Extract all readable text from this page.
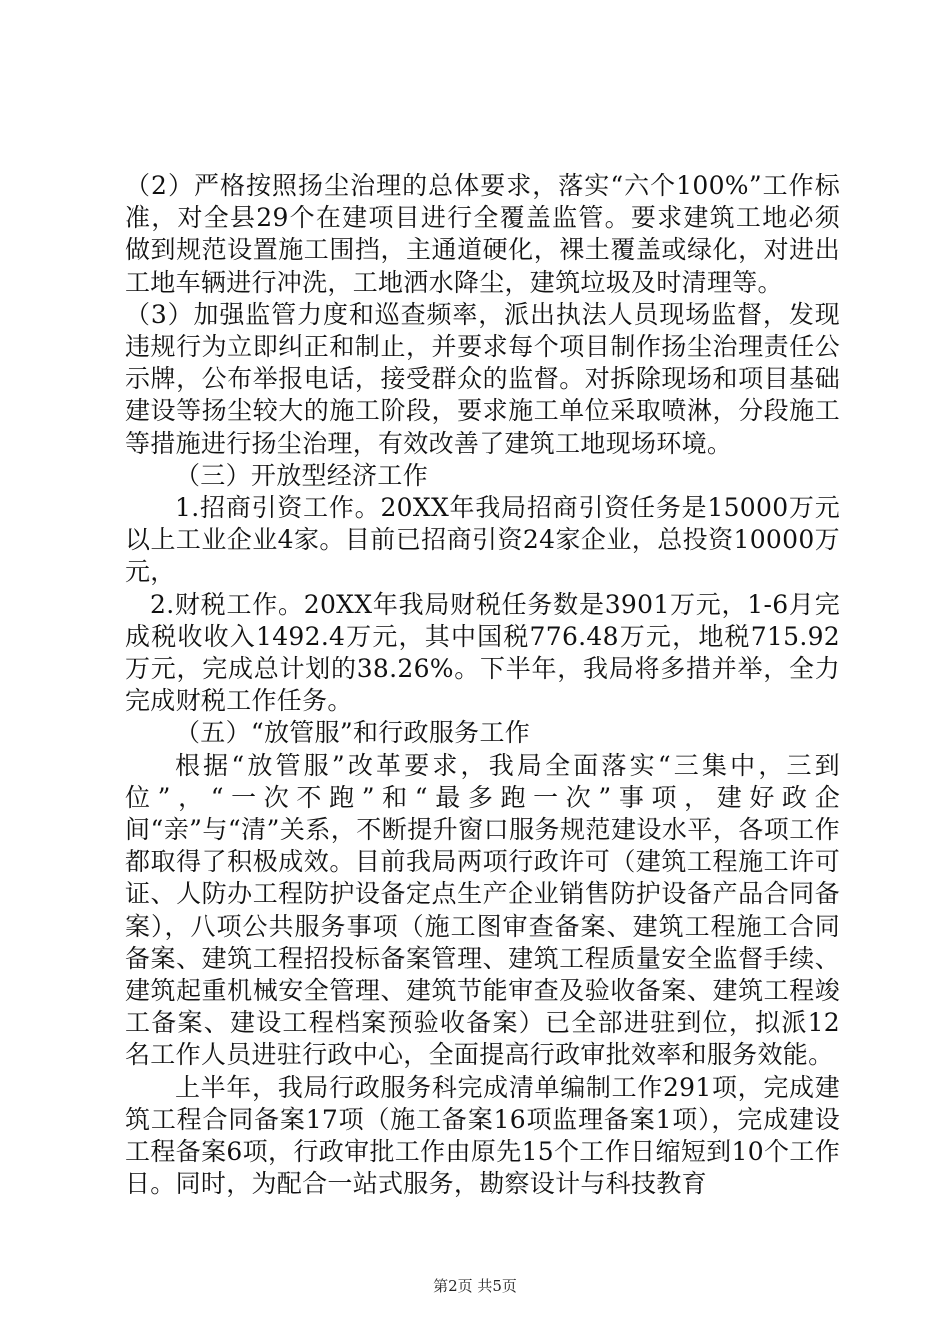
（2）严格按照扬尘治理的总体要求，落实“六个100%”工作标准，对全县29个在建项目进行全覆盖监管。要求建筑工地必须做到规范设置施工围挡，主通道硬化，裸土覆盖或绿化，对进出工地车辆进行冲洗，工地洒水降尘，建筑垃圾及时清理等。

（3）加强监管力度和巡查频率，派出执法人员现场监督，发现违规行为立即纠正和制止，并要求每个项目制作扬尘治理责任公示牌，公布举报电话，接受群众的监督。对拆除现场和项目基础建设等扬尘较大的施工阶段，要求施工单位采取喷淋，分段施工等措施进行扬尘治理，有效改善了建筑工地现场环境。

（三）开放型经济工作

1.招商引资工作。20XX年我局招商引资任务是15000万元以上工业企业4家。目前已招商引资24家企业，总投资10000万元，

2.财税工作。20XX年我局财税任务数是3901万元，1-6月完成税收收入1492.4万元，其中国税776.48万元，地税715.92万元，完成总计划的38.26%。下半年，我局将多措并举，全力完成财税工作任务。

（五）“放管服”和行政服务工作

根据“放管服”改革要求，我局全面落实“三集中，三到位”，“一次不跑”和“最多跑一次”事项，建好政企间“亲”与“清”关系，不断提升窗口服务规范建设水平，各项工作都取得了积极成效。目前我局两项行政许可（建筑工程施工许可证、人防办工程防护设备定点生产企业销售防护设备产品合同备案），八项公共服务事项（施工图审查备案、建筑工程施工合同备案、建筑工程招投标备案管理、建筑工程质量安全监督手续、建筑起重机械安全管理、建筑节能审查及验收备案、建筑工程竣工备案、建设工程档案预验收备案）已全部进驻到位，拟派12名工作人员进驻行政中心，全面提高行政审批效率和服务效能。

上半年，我局行政服务科完成清单编制工作291项，完成建筑工程合同备案17项（施工备案16项监理备案1项），完成建设工程备案6项，行政审批工作由原先15个工作日缩短到10个工作日。同时，为配合一站式服务，勘察设计与科技教育

第2页 共5页
